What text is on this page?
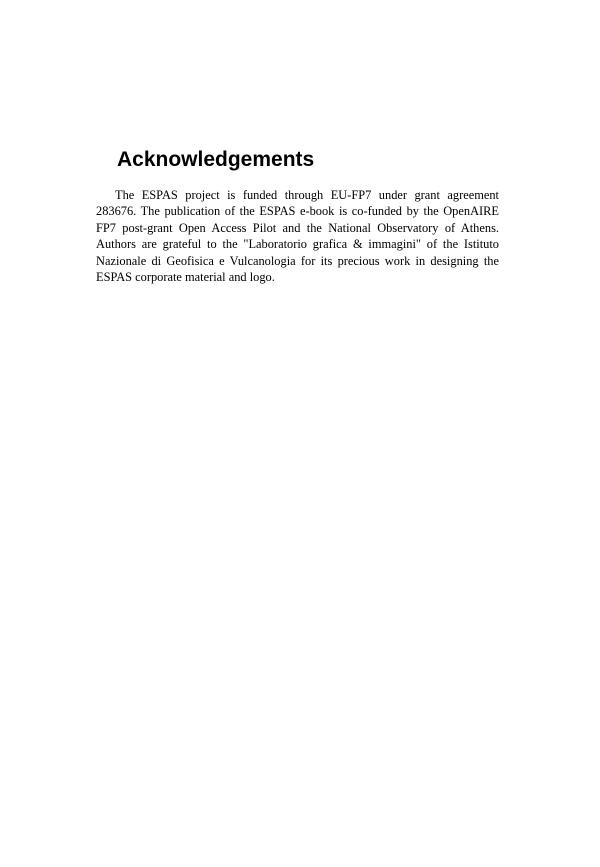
Acknowledgements

The ESPAS project is funded through EU-FP7 under grant agreement 283676. The publication of the ESPAS e-book is co-funded by the OpenAIRE FP7 post-grant Open Access Pilot and the National Observatory of Athens. Authors are grateful to the "Laboratorio grafica & immagini" of the Istituto Nazionale di Geofisica e Vulcanologia for its precious work in designing the ESPAS corporate material and logo.
